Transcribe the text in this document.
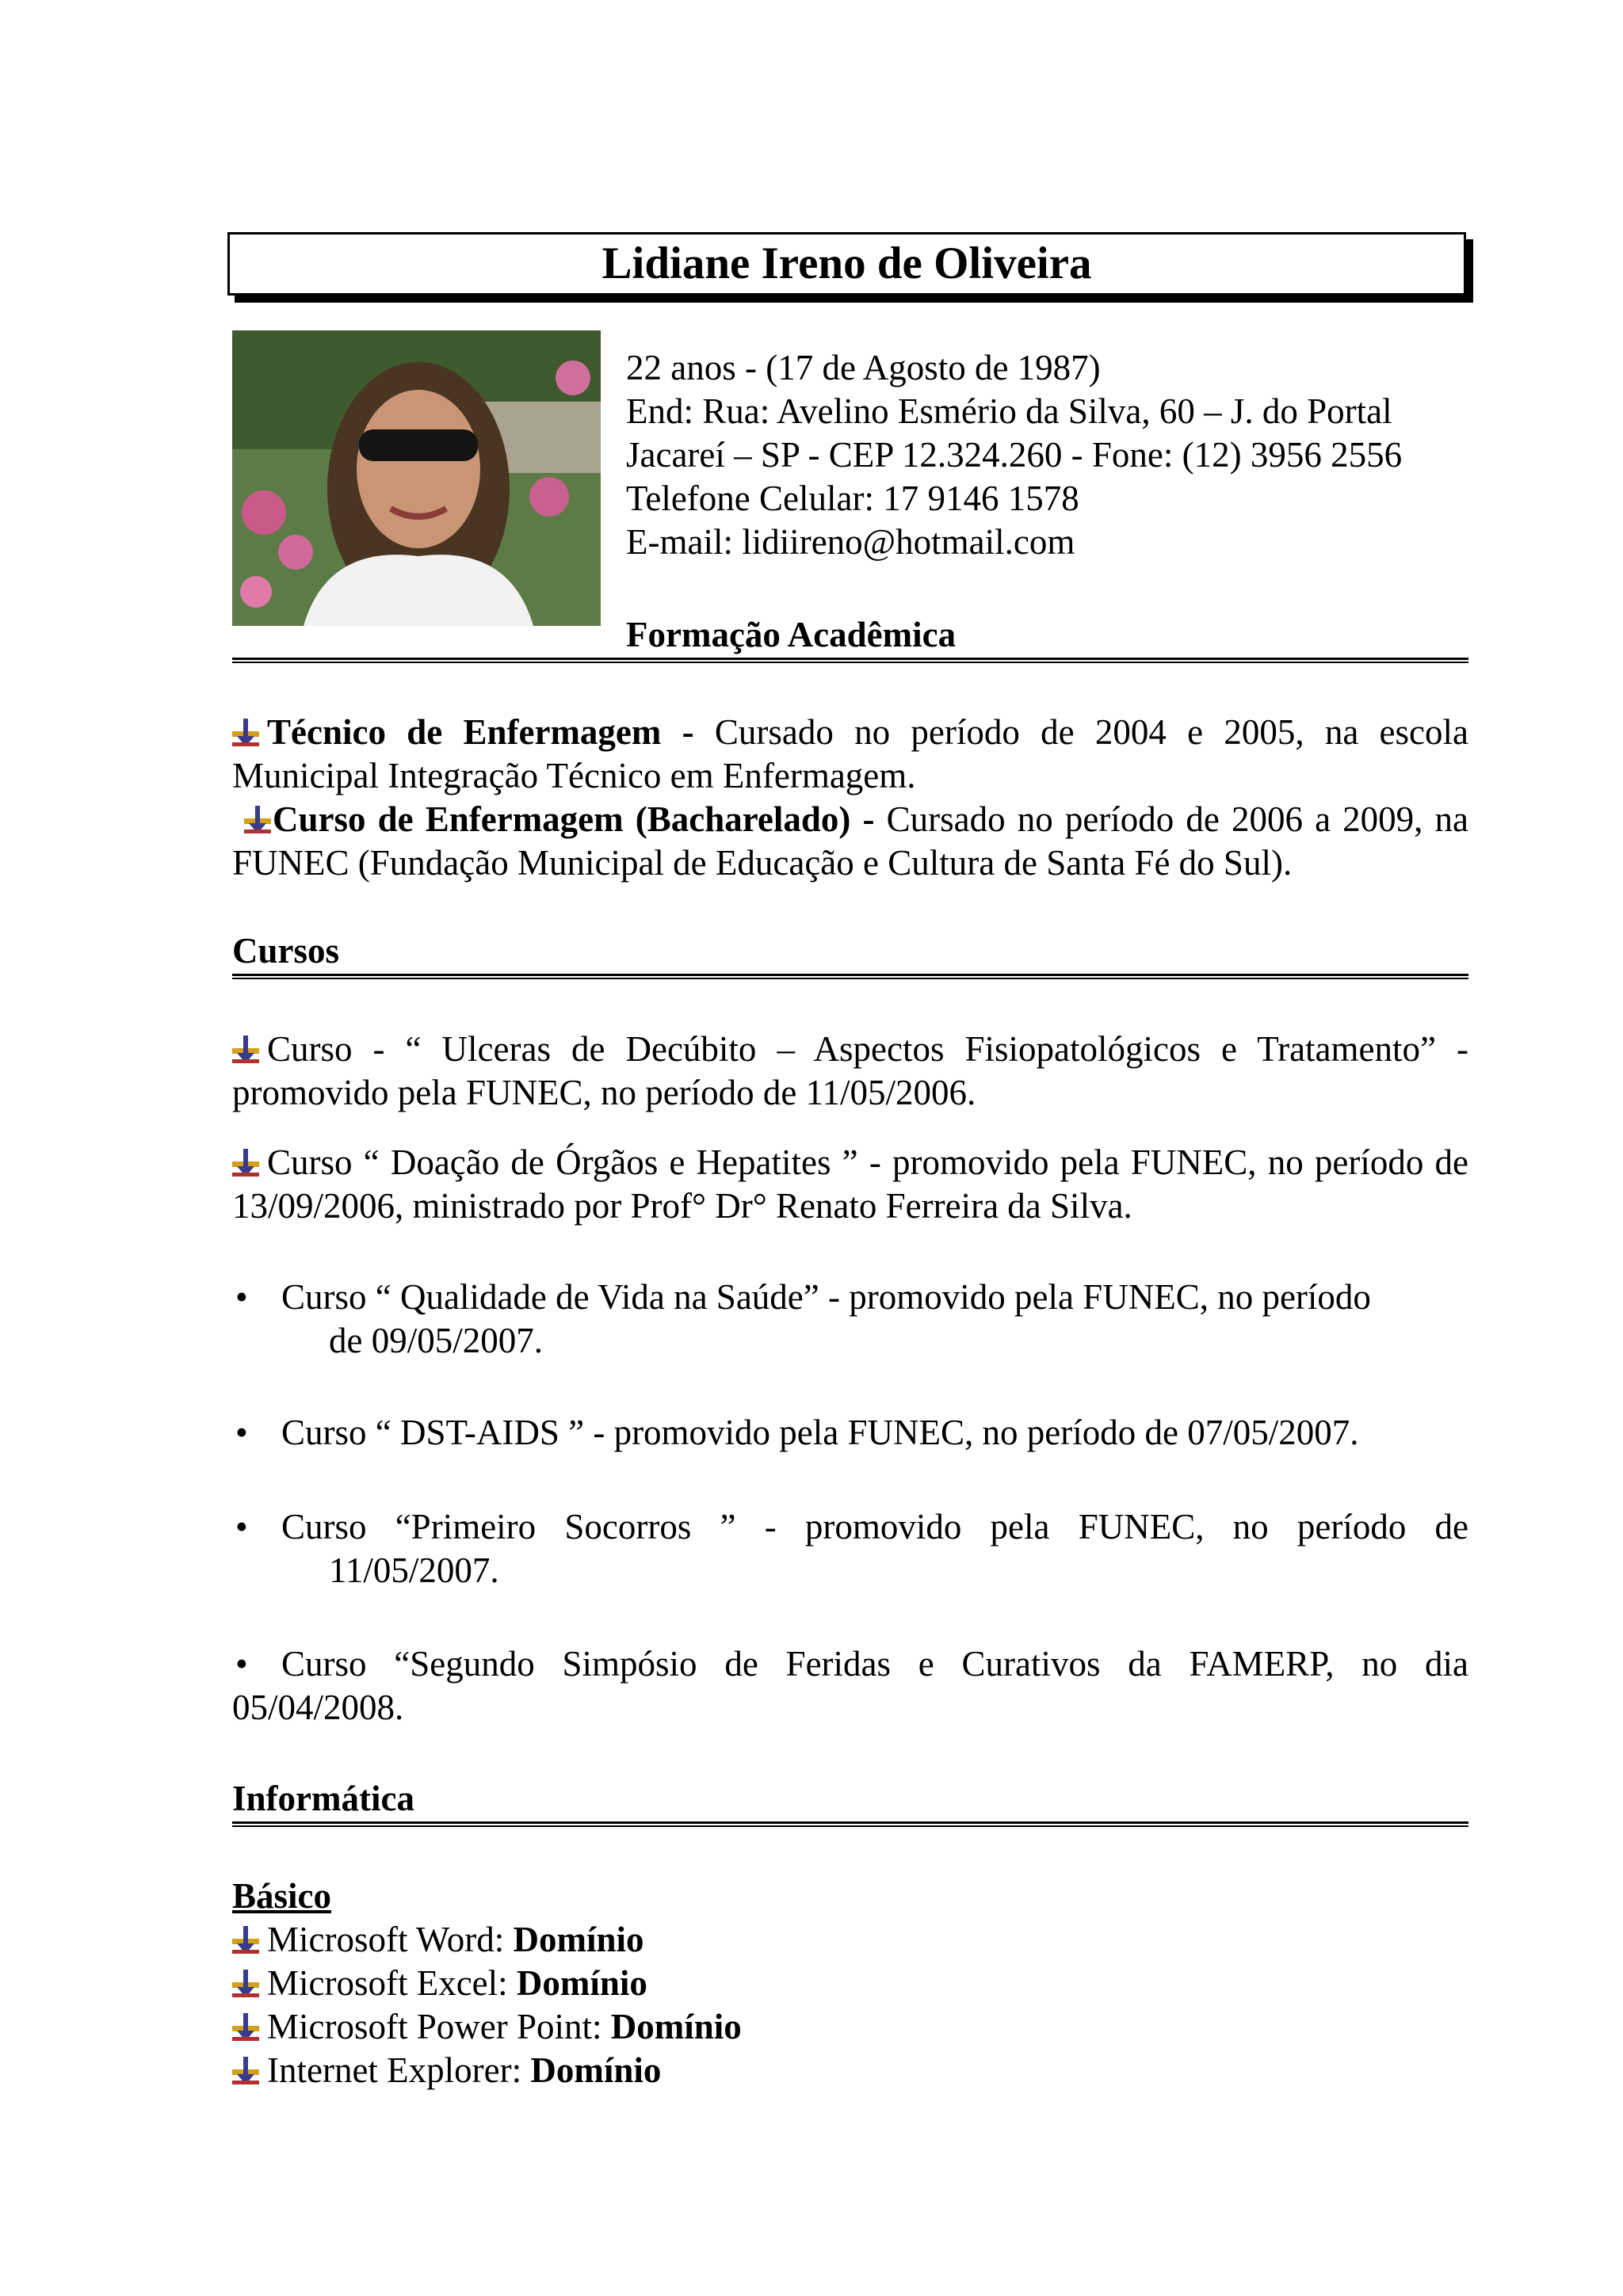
Lidiane Ireno de Oliveira
22 anos - (17 de Agosto de 1987)
End: Rua: Avelino Esmério da Silva, 60 – J. do Portal
Jacareí – SP - CEP 12.324.260 - Fone: (12) 3956 2556
Telefone Celular: 17 9146 1578
E-mail: lidiireno@hotmail.com
Formação Acadêmica

Técnico de Enfermagem - Cursado no período de 2004 e 2005, na escola Municipal Integração Técnico em Enfermagem.

Curso de Enfermagem (Bacharelado) - Cursado no período de 2006 a 2009, na FUNEC (Fundação Municipal de Educação e Cultura de Santa Fé do Sul).

Cursos

Curso - “ Ulceras de Decúbito – Aspectos Fisiopatológicos e Tratamento” - promovido pela FUNEC, no período de 11/05/2006.

Curso “ Doação de Órgãos e Hepatites ” - promovido pela FUNEC, no período de 13/09/2006, ministrado por Prof° Dr° Renato Ferreira da Silva.

• Curso “ Qualidade de Vida na Saúde” - promovido pela FUNEC, no período
de 09/05/2007.
• Curso “ DST-AIDS ” - promovido pela FUNEC, no período de 07/05/2007.
• Curso “Primeiro Socorros ” - promovido pela FUNEC, no período de
11/05/2007.
• Curso “Segundo Simpósio de Feridas e Curativos da FAMERP, no dia
05/04/2008.
Informática
Básico
Microsoft Word: Domínio
Microsoft Excel: Domínio
Microsoft Power Point: Domínio
Internet Explorer: Domínio
